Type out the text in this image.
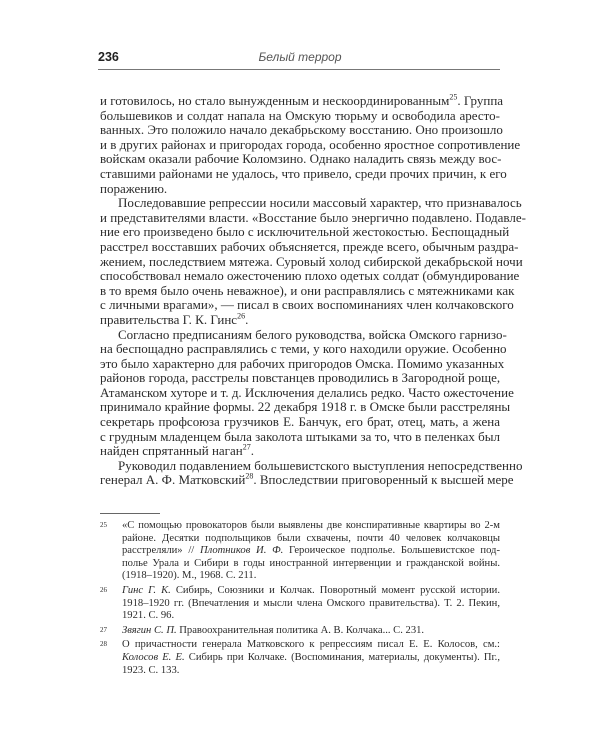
236	Белый террор
и готовилось, но стало вынужденным и нескоординированным$^{25}$. Группа
большевиков и солдат напала на Омскую тюрьму и освободила аресто-
ванных. Это положило начало декабрьскому восстанию. Оно произошло
и в других районах и пригородах города, особенно яростное сопротивление
войскам оказали рабочие Коломзино. Однако наладить связь между вос-
ставшими районами не удалось, что привело, среди прочих причин, к его
поражению.
Последовавшие репрессии носили массовый характер, что признавалось
и представителями власти. «Восстание было энергично подавлено. Подавле-
ние его произведено было с исключительной жестокостью. Беспощадный
расстрел восставших рабочих объясняется, прежде всего, обычным раздра-
жением, последствием мятежа. Суровый холод сибирской декабрьской ночи
способствовал немало ожесточению плохо одетых солдат (обмундирование
в то время было очень неважное), и они расправлялись с мятежниками как
с личными врагами», — писал в своих воспоминаниях член колчаковского
правительства Г. К. Гинс$^{26}$.
Согласно предписаниям белого руководства, войска Омского гарнизо-
на беспощадно расправлялись с теми, у кого находили оружие. Особенно
это было характерно для рабочих пригородов Омска. Помимо указанных
районов города, расстрелы повстанцев проводились в Загородной роще,
Атаманском хуторе и т. д. Исключения делались редко. Часто ожесточение
принимало крайние формы. 22 декабря 1918 г. в Омске были расстреляны
секретарь профсоюза грузчиков Е. Банчук, его брат, отец, мать, а жена
с грудным младенцем была заколота штыками за то, что в пеленках был
найден спрятанный наган$^{27}$.
Руководил подавлением большевистского выступления непосредственно
генерал А. Ф. Матковский$^{28}$. Впоследствии приговоренный к высшей мере
25 «С помощью провокаторов были выявлены две конспиративные квартиры во 2-м
районе. Десятки подпольщиков были схвачены, почти 40 человек колчаковцы
расстреляли» // Плотников И. Ф. Героическое подполье. Большевистское под-
полье Урала и Сибири в годы иностранной интервенции и гражданской войны.
(1918–1920). М., 1968. С. 211.
26 Гинс Г. К. Сибирь, Союзники и Колчак. Поворотный момент русской истории.
1918–1920 гг. (Впечатления и мысли члена Омского правительства). Т. 2. Пекин,
1921. С. 96.
27 Звягин С. П. Правоохранительная политика А. В. Колчака... С. 231.
28 О причастности генерала Матковского к репрессиям писал Е. Е. Колосов, см.:
Колосов Е. Е. Сибирь при Колчаке. (Воспоминания, материалы, документы). Пг.,
1923. С. 133.
